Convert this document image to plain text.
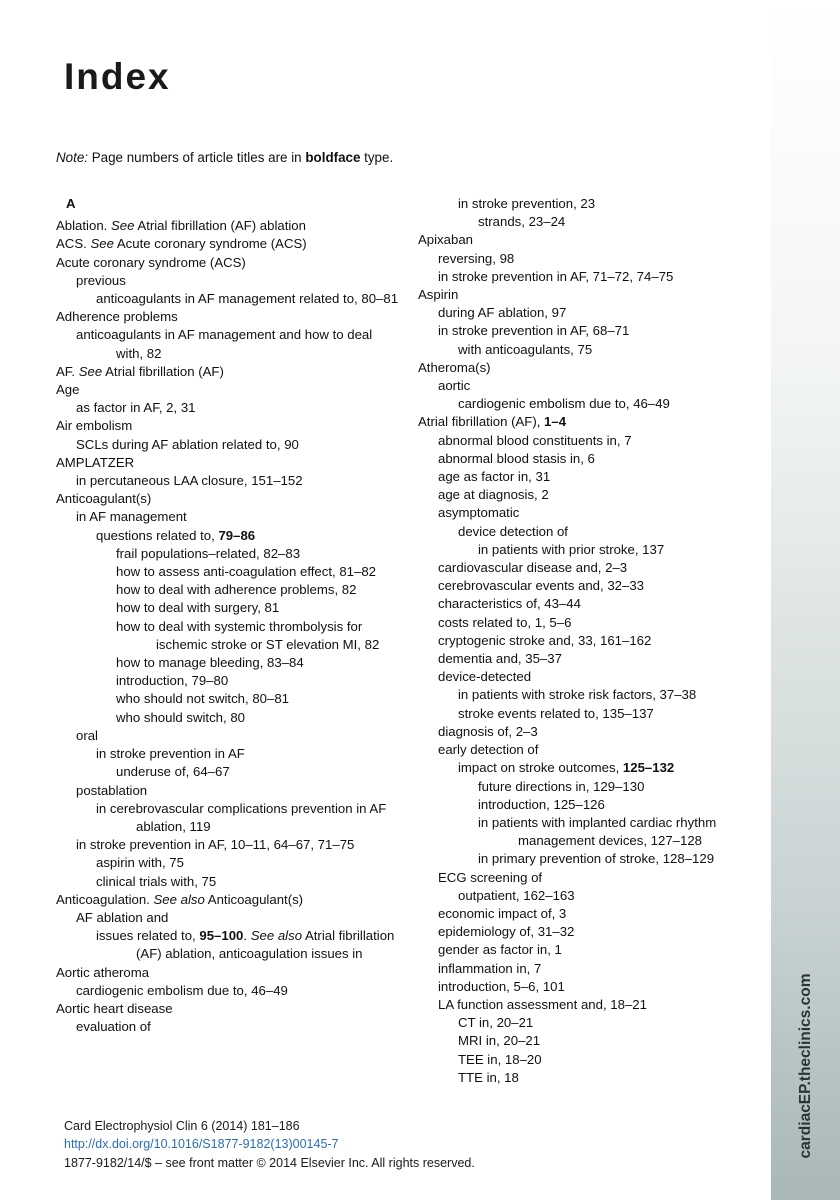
Index
Note: Page numbers of article titles are in boldface type.
A
Ablation. See Atrial fibrillation (AF) ablation
ACS. See Acute coronary syndrome (ACS)
Acute coronary syndrome (ACS)
previous
anticoagulants in AF management related to, 80–81
Adherence problems
anticoagulants in AF management and how to deal with, 82
AF. See Atrial fibrillation (AF)
Age
as factor in AF, 2, 31
Air embolism
SCLs during AF ablation related to, 90
AMPLATZER
in percutaneous LAA closure, 151–152
Anticoagulant(s)
in AF management
questions related to, 79–86
frail populations–related, 82–83
how to assess anti-coagulation effect, 81–82
how to deal with adherence problems, 82
how to deal with surgery, 81
how to deal with systemic thrombolysis for ischemic stroke or ST elevation MI, 82
how to manage bleeding, 83–84
introduction, 79–80
who should not switch, 80–81
who should switch, 80
oral
in stroke prevention in AF
underuse of, 64–67
postablation
in cerebrovascular complications prevention in AF ablation, 119
in stroke prevention in AF, 10–11, 64–67, 71–75
aspirin with, 75
clinical trials with, 75
Anticoagulation. See also Anticoagulant(s)
AF ablation and
issues related to, 95–100. See also Atrial fibrillation (AF) ablation, anticoagulation issues in
Aortic atheroma
cardiogenic embolism due to, 46–49
Aortic heart disease
evaluation of
in stroke prevention, 23
strands, 23–24
Apixaban
reversing, 98
in stroke prevention in AF, 71–72, 74–75
Aspirin
during AF ablation, 97
in stroke prevention in AF, 68–71
with anticoagulants, 75
Atheroma(s)
aortic
cardiogenic embolism due to, 46–49
Atrial fibrillation (AF), 1–4
abnormal blood constituents in, 7
abnormal blood stasis in, 6
age as factor in, 31
age at diagnosis, 2
asymptomatic
device detection of
in patients with prior stroke, 137
cardiovascular disease and, 2–3
cerebrovascular events and, 32–33
characteristics of, 43–44
costs related to, 1, 5–6
cryptogenic stroke and, 33, 161–162
dementia and, 35–37
device-detected
in patients with stroke risk factors, 37–38
stroke events related to, 135–137
diagnosis of, 2–3
early detection of
impact on stroke outcomes, 125–132
future directions in, 129–130
introduction, 125–126
in patients with implanted cardiac rhythm management devices, 127–128
in primary prevention of stroke, 128–129
ECG screening of
outpatient, 162–163
economic impact of, 3
epidemiology of, 31–32
gender as factor in, 1
inflammation in, 7
introduction, 5–6, 101
LA function assessment and, 18–21
CT in, 20–21
MRI in, 20–21
TEE in, 18–20
TTE in, 18
Card Electrophysiol Clin 6 (2014) 181–186
http://dx.doi.org/10.1016/S1877-9182(13)00145-7
1877-9182/14/$ – see front matter © 2014 Elsevier Inc. All rights reserved.
cardiacEP.theclinics.com
